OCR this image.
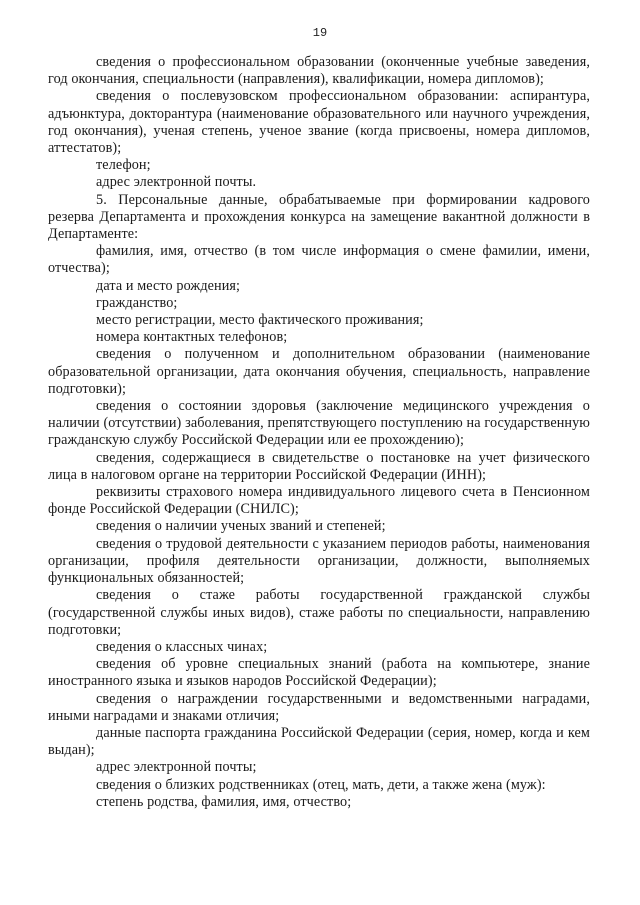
19

сведения о профессиональном образовании (оконченные учебные заведения, год окончания, специальности (направления), квалификации, номера дипломов);

сведения о послевузовском профессиональном образовании: аспирантура, адъюнктура, докторантура (наименование образовательного или научного учреждения, год окончания), ученая степень, ученое звание (когда присвоены, номера дипломов, аттестатов);

телефон;

адрес электронной почты.

5. Персональные данные, обрабатываемые при формировании кадрового резерва Департамента и прохождения конкурса на замещение вакантной должности в Департаменте:

фамилия, имя, отчество (в том числе информация о смене фамилии, имени, отчества);

дата и место рождения;

гражданство;

место регистрации, место фактического проживания;

номера контактных телефонов;

сведения о полученном и дополнительном образовании (наименование образовательной организации, дата окончания обучения, специальность, направление подготовки);

сведения о состоянии здоровья (заключение медицинского учреждения о наличии (отсутствии) заболевания, препятствующего поступлению на государственную гражданскую службу Российской Федерации или ее прохождению);

сведения, содержащиеся в свидетельстве о постановке на учет физического лица в налоговом органе на территории Российской Федерации (ИНН);

реквизиты страхового номера индивидуального лицевого счета в Пенсионном фонде Российской Федерации (СНИЛС);

сведения о наличии ученых званий и степеней;

сведения о трудовой деятельности с указанием периодов работы, наименования организации, профиля деятельности организации, должности, выполняемых функциональных обязанностей;

сведения о стаже работы государственной гражданской службы (государственной службы иных видов), стаже работы по специальности, направлению подготовки;

сведения о классных чинах;

сведения об уровне специальных знаний (работа на компьютере, знание иностранного языка и языков народов Российской Федерации);

сведения о награждении государственными и ведомственными наградами, иными наградами и знаками отличия;

данные паспорта гражданина Российской Федерации (серия, номер, когда и кем выдан);

адрес электронной почты;

сведения о близких родственниках (отец, мать, дети, а также жена (муж):

степень родства, фамилия, имя, отчество;
